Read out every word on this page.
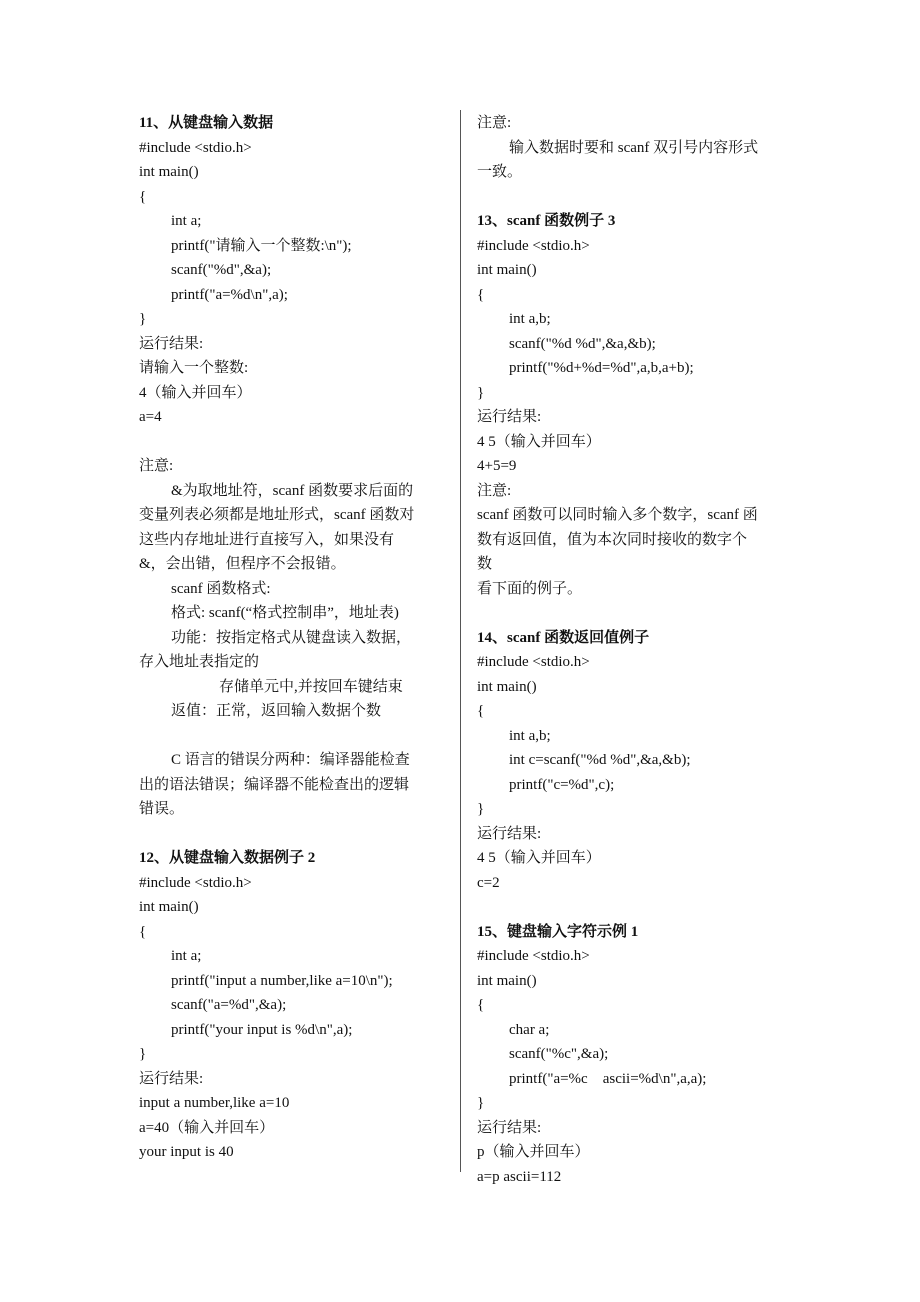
11、从键盘输入数据
#include <stdio.h>
int main()
{
int a;
printf("请输入一个整数:\n");
scanf("%d",&a);
printf("a=%d\n",a);
}
运行结果:
请输入一个整数:
4（输入并回车）
a=4
注意:
&为取地址符，scanf 函数要求后面的
变量列表必须都是地址形式，scanf 函数对
这些内存地址进行直接写入，如果没有
&，会出错，但程序不会报错。
scanf 函数格式:
格式: scanf(“格式控制串”，地址表)
功能：按指定格式从键盘读入数据，
存入地址表指定的
存储单元中,并按回车键结束
返值：正常，返回输入数据个数
C 语言的错误分两种：编译器能检查
出的语法错误；编译器不能检查出的逻辑
错误。
12、从键盘输入数据例子 2
#include <stdio.h>
int main()
{
int a;
printf("input a number,like a=10\n");
scanf("a=%d",&a);
printf("your input is %d\n",a);
}
运行结果:
input a number,like a=10
a=40（输入并回车）
your input is 40
注意:
输入数据时要和 scanf 双引号内容形式
一致。
13、scanf 函数例子 3
#include <stdio.h>
int main()
{
int a,b;
scanf("%d %d",&a,&b);
printf("%d+%d=%d",a,b,a+b);
}
运行结果:
4 5（输入并回车）
4+5=9
注意:
scanf 函数可以同时输入多个数字，scanf 函
数有返回值，值为本次同时接收的数字个
数
看下面的例子。
14、scanf 函数返回值例子
#include <stdio.h>
int main()
{
int a,b;
int c=scanf("%d %d",&a,&b);
printf("c=%d",c);
}
运行结果:
4 5（输入并回车）
c=2
15、键盘输入字符示例 1
#include <stdio.h>
int main()
{
char a;
scanf("%c",&a);
printf("a=%c    ascii=%d\n",a,a);
}
运行结果:
p（输入并回车）
a=p ascii=112
